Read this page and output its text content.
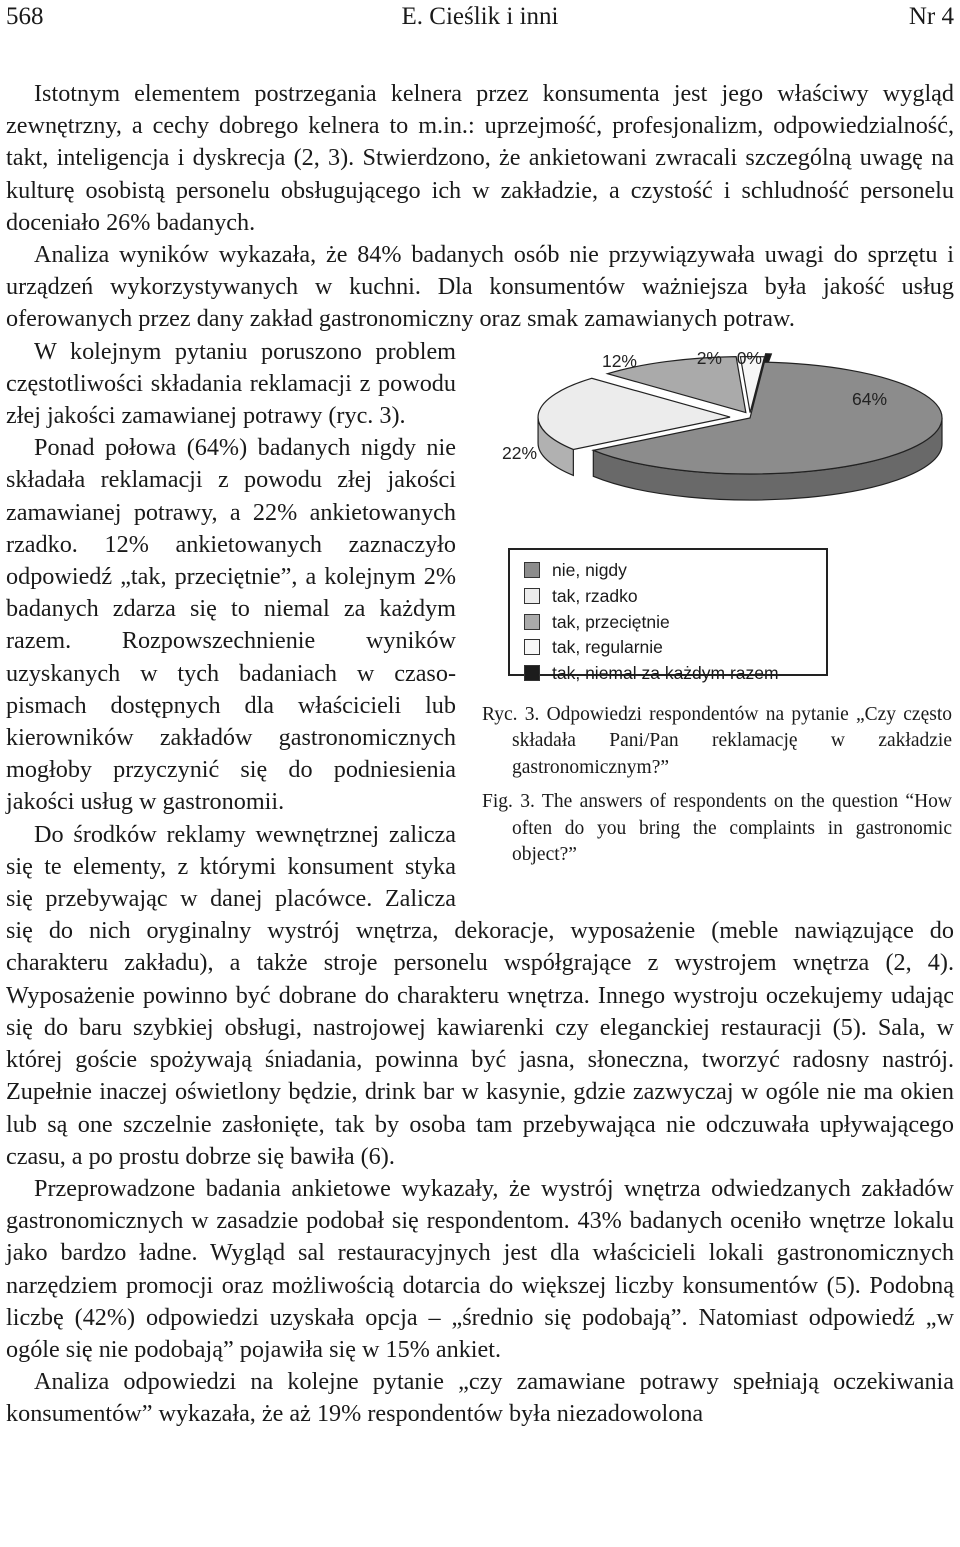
568	E. Cieślik i inni	Nr 4

Istotnym elementem postrzegania kelnera przez konsumenta jest jego właściwy wygląd zewnętrzny, a cechy dobrego kelnera to m.in.: uprzejmość, profesjonalizm, odpowiedzialność, takt, inteligencja i dyskrecja (2, 3). Stwierdzono, że ankietowani zwracali szczególną uwagę na kulturę osobistą personelu obsługującego ich w zakładzie, a czystość i schludność personelu doceniało 26% badanych.

Analiza wyników wykazała, że 84% badanych osób nie przywiązywała uwagi do sprzętu i urządzeń wykorzystywanych w kuchni. Dla konsumentów ważniejsza była jakość usług oferowanych przez dany zakład gastronomiczny oraz smak zamawianych potraw.

64%
22%
12%	2% 0%
nie, nigdy
tak, rzadko
tak, przeciętnie
tak, regularnie
tak, niemal za każdym razem

Ryc. 3. Odpowiedzi respondentów na pytanie „Czy często składała Pani/Pan reklamację w zakładzie gastronomicznym?”

Fig. 3. The answers of respondents on the question “How often do you bring the complaints in gastronomic object?”

W kolejnym pytaniu poruszono problem częstotliwości składania reklamacji z powodu złej jakości zamawianej potrawy (ryc. 3).

Ponad połowa (64%) badanych nigdy nie składała reklamacji z powodu złej jakości zamawianej potrawy, a 22% ankietowanych rzadko. 12% ankietowanych zaznaczyło odpowiedź „tak, przeciętnie”, a kolejnym 2% badanych zdarza się to niemal za każdym razem. Rozpowszechnienie wyników uzyskanych w tych badaniach w czasopismach dostępnych dla właścicieli lub kierowników zakładów gastronomicznych mogłoby przyczynić się do podniesienia jakości usług w gastronomii.

Do środków reklamy wewnętrznej zalicza się te elementy, z którymi konsument styka się przebywając w danej placówce. Zalicza się do nich oryginalny wystrój wnętrza, dekoracje, wyposażenie (meble nawiązujące do charakteru zakładu), a także stroje personelu współgrające z wystrojem wnętrza (2, 4). Wyposażenie powinno być dobrane do charakteru wnętrza. Innego wystroju oczekujemy udając się do baru szybkiej obsługi, nastrojowej kawiarenki czy eleganckiej restauracji (5). Sala, w której goście spożywają śniadania, powinna być jasna, słoneczna, tworzyć radosny nastrój. Zupełnie inaczej oświetlony będzie, drink bar w kasynie, gdzie zazwyczaj w ogóle nie ma okien lub są one szczelnie zasłonięte, tak by osoba tam przebywająca nie odczuwała upływającego czasu, a po prostu dobrze się bawiła (6).

Przeprowadzone badania ankietowe wykazały, że wystrój wnętrza odwiedzanych zakładów gastronomicznych w zasadzie podobał się respondentom. 43% badanych oceniło wnętrze lokalu jako bardzo ładne. Wygląd sal restauracyjnych jest dla właścicieli lokali gastronomicznych narzędziem promocji oraz możliwością dotarcia do większej liczby konsumentów (5). Podobną liczbę (42%) odpowiedzi uzyskała opcja – „średnio się podobają”. Natomiast odpowiedź „w ogóle się nie podobają” pojawiła się w 15% ankiet.

Analiza odpowiedzi na kolejne pytanie „czy zamawiane potrawy spełniają oczekiwania konsumentów” wykazała, że aż 19% respondentów była niezadowolona
